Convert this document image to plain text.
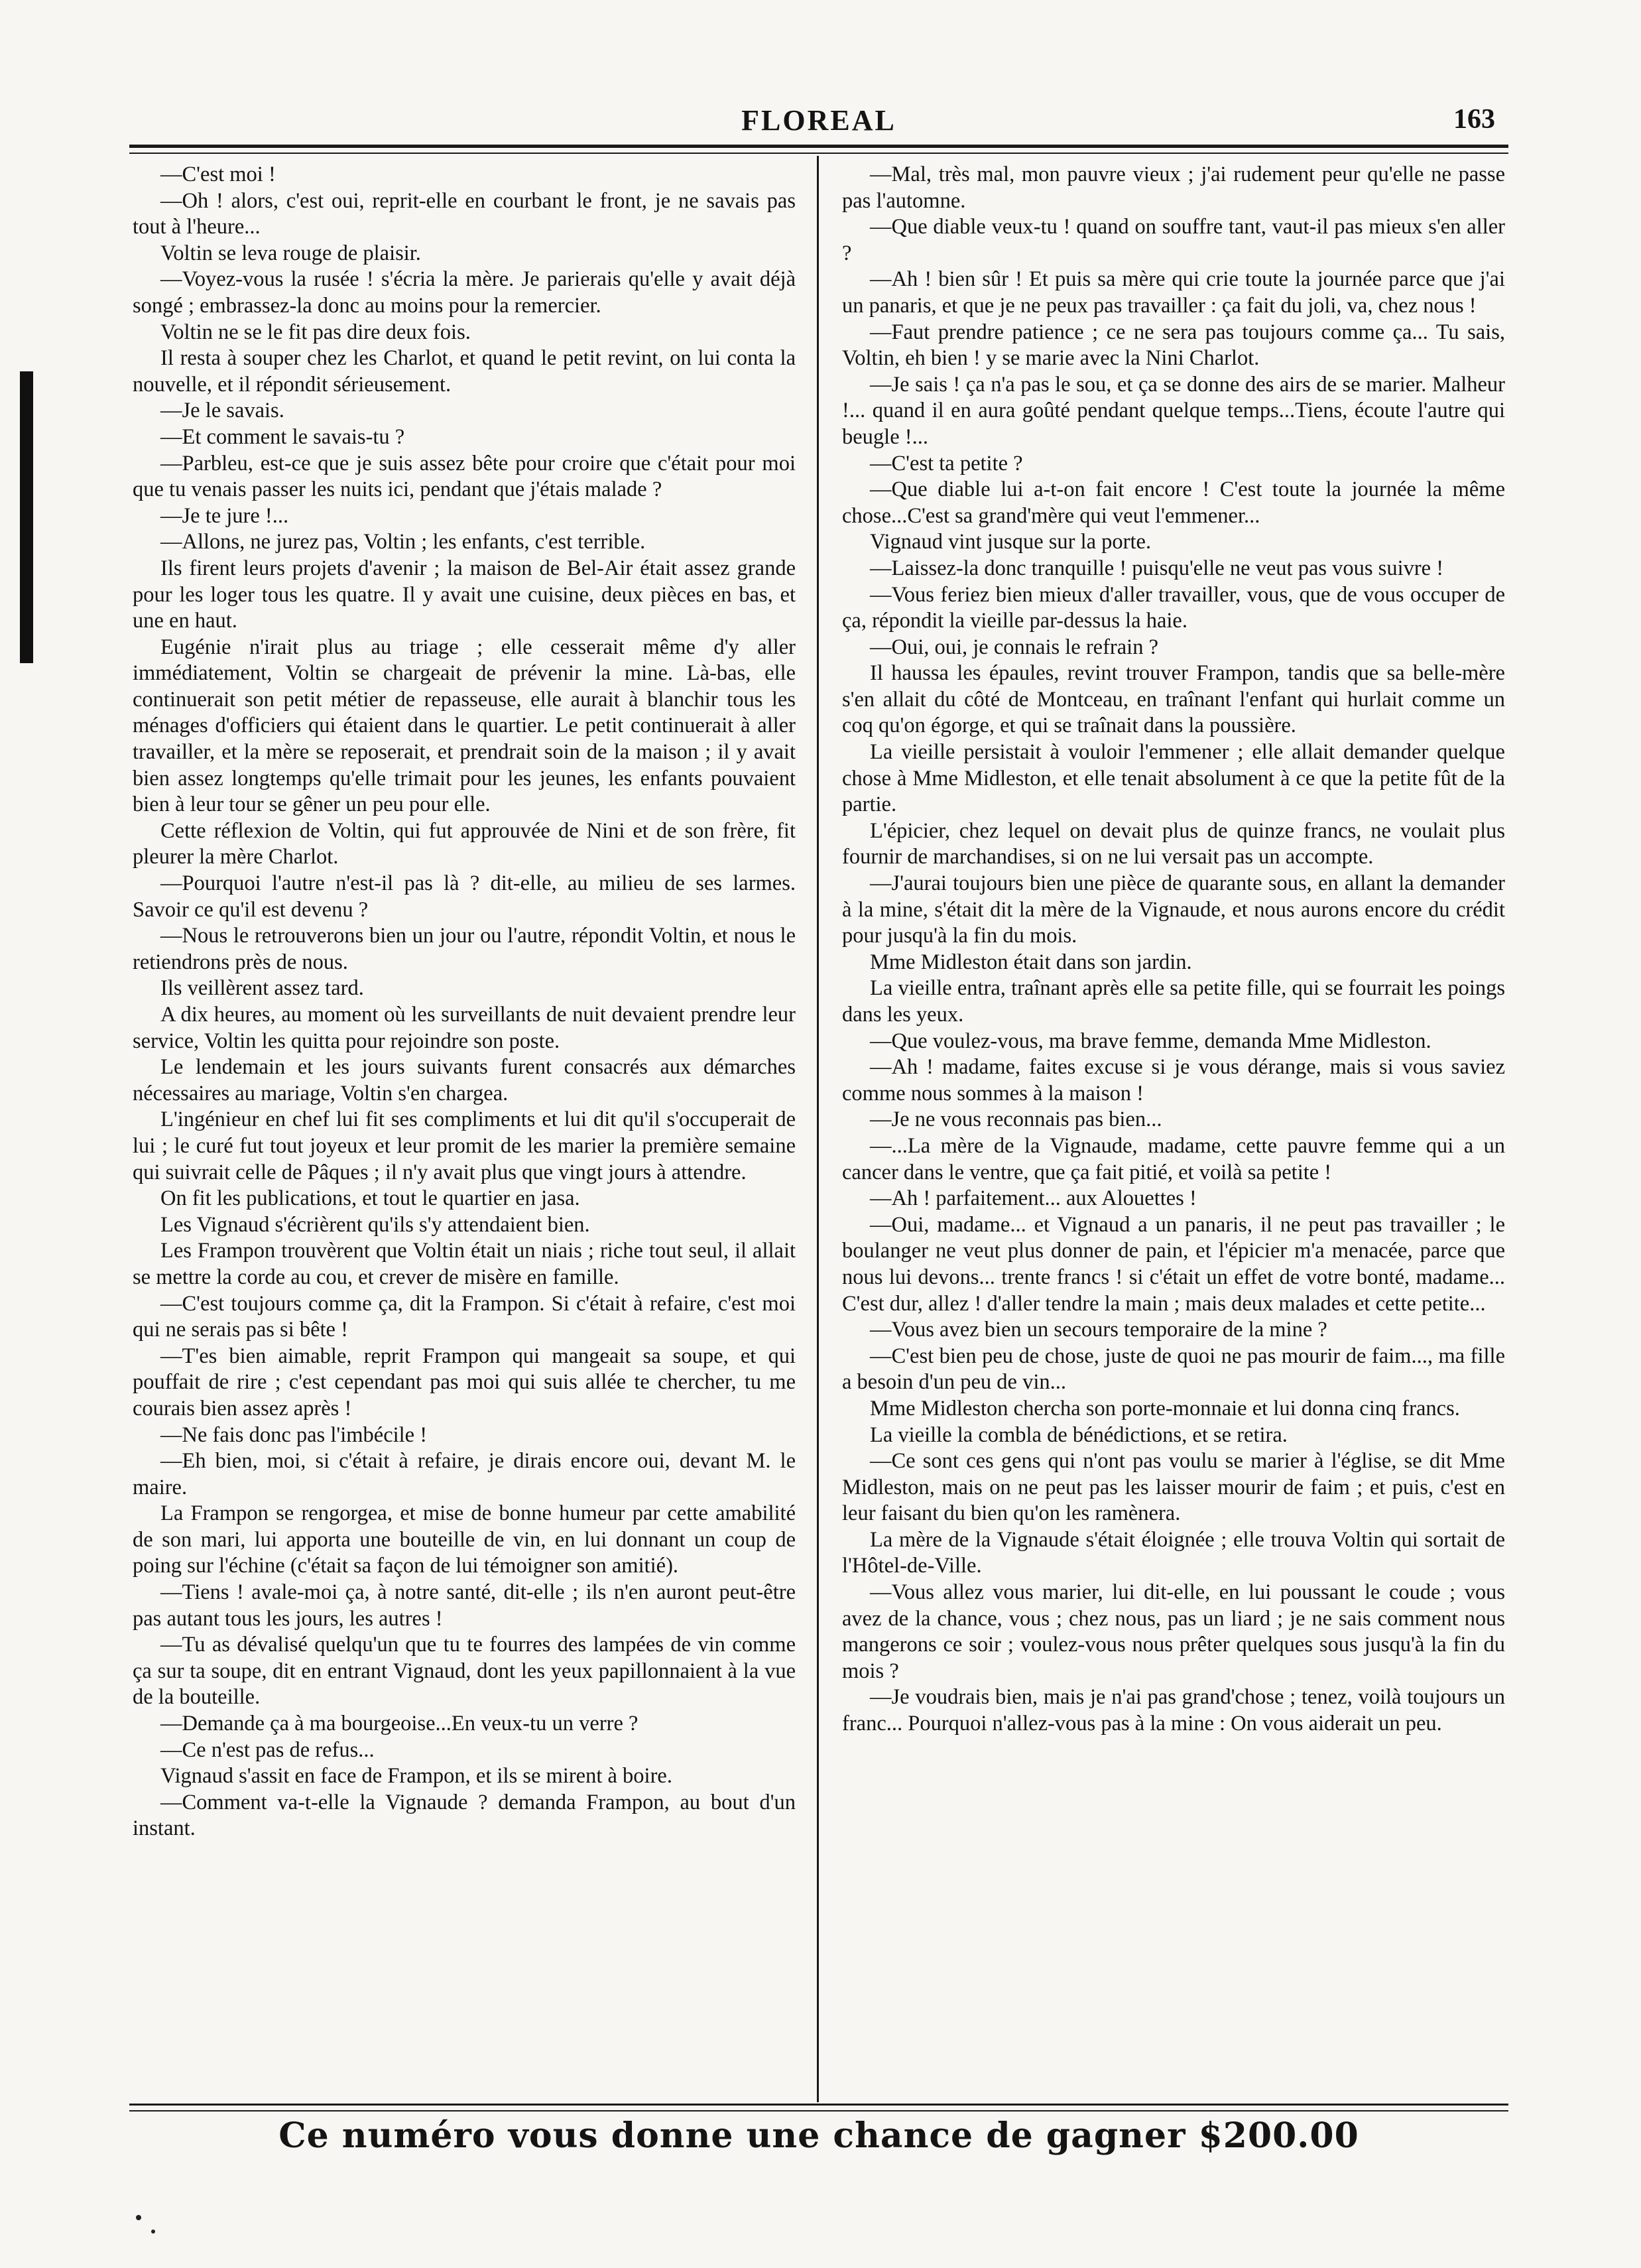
FLOREAL	163

—C'est moi !

—Oh ! alors, c'est oui, reprit-elle en courbant le front, je ne savais pas tout à l'heure...

Voltin se leva rouge de plaisir.

—Voyez-vous la rusée ! s'écria la mère. Je parierais qu'elle y avait déjà songé ; embrassez-la donc au moins pour la remercier.

Voltin ne se le fit pas dire deux fois.

Il resta à souper chez les Charlot, et quand le petit revint, on lui conta la nouvelle, et il répondit sérieusement.

—Je le savais.

—Et comment le savais-tu ?

—Parbleu, est-ce que je suis assez bête pour croire que c'était pour moi que tu venais passer les nuits ici, pendant que j'étais malade ?

—Je te jure !...

—Allons, ne jurez pas, Voltin ; les enfants, c'est terrible.

Ils firent leurs projets d'avenir ; la maison de Bel-Air était assez grande pour les loger tous les quatre. Il y avait une cuisine, deux pièces en bas, et une en haut.

Eugénie n'irait plus au triage ; elle cesserait même d'y aller immédiatement, Voltin se chargeait de prévenir la mine. Là-bas, elle continuerait son petit métier de repasseuse, elle aurait à blanchir tous les ménages d'officiers qui étaient dans le quartier. Le petit continuerait à aller travailler, et la mère se reposerait, et prendrait soin de la maison ; il y avait bien assez longtemps qu'elle trimait pour les jeunes, les enfants pouvaient bien à leur tour se gêner un peu pour elle.

Cette réflexion de Voltin, qui fut approuvée de Nini et de son frère, fit pleurer la mère Charlot.

—Pourquoi l'autre n'est-il pas là ? dit-elle, au milieu de ses larmes. Savoir ce qu'il est devenu ?

—Nous le retrouverons bien un jour ou l'autre, répondit Voltin, et nous le retiendrons près de nous.

Ils veillèrent assez tard.

A dix heures, au moment où les surveillants de nuit devaient prendre leur service, Voltin les quitta pour rejoindre son poste.

Le lendemain et les jours suivants furent consacrés aux démarches nécessaires au mariage, Voltin s'en chargea.

L'ingénieur en chef lui fit ses compliments et lui dit qu'il s'occuperait de lui ; le curé fut tout joyeux et leur promit de les marier la première semaine qui suivrait celle de Pâques ; il n'y avait plus que vingt jours à attendre.

On fit les publications, et tout le quartier en jasa.

Les Vignaud s'écrièrent qu'ils s'y attendaient bien.

Les Frampon trouvèrent que Voltin était un niais ; riche tout seul, il allait se mettre la corde au cou, et crever de misère en famille.

—C'est toujours comme ça, dit la Frampon. Si c'était à refaire, c'est moi qui ne serais pas si bête !

—T'es bien aimable, reprit Frampon qui mangeait sa soupe, et qui pouffait de rire ; c'est cependant pas moi qui suis allée te chercher, tu me courais bien assez après !

—Ne fais donc pas l'imbécile !

—Eh bien, moi, si c'était à refaire, je dirais encore oui, devant M. le maire.

La Frampon se rengorgea, et mise de bonne humeur par cette amabilité de son mari, lui apporta une bouteille de vin, en lui donnant un coup de poing sur l'échine (c'était sa façon de lui témoigner son amitié).

—Tiens ! avale-moi ça, à notre santé, dit-elle ; ils n'en auront peut-être pas autant tous les jours, les autres !

—Tu as dévalisé quelqu'un que tu te fourres des lampées de vin comme ça sur ta soupe, dit en entrant Vignaud, dont les yeux papillonnaient à la vue de la bouteille.

—Demande ça à ma bourgeoise...En veux-tu un verre ?

—Ce n'est pas de refus...

Vignaud s'assit en face de Frampon, et ils se mirent à boire.

—Comment va-t-elle la Vignaude ? demanda Frampon, au bout d'un instant.

—Mal, très mal, mon pauvre vieux ; j'ai rudement peur qu'elle ne passe pas l'automne.

—Que diable veux-tu ! quand on souffre tant, vaut-il pas mieux s'en aller ?

—Ah ! bien sûr ! Et puis sa mère qui crie toute la journée parce que j'ai un panaris, et que je ne peux pas travailler : ça fait du joli, va, chez nous !

—Faut prendre patience ; ce ne sera pas toujours comme ça... Tu sais, Voltin, eh bien ! y se marie avec la Nini Charlot.

—Je sais ! ça n'a pas le sou, et ça se donne des airs de se marier. Malheur !... quand il en aura goûté pendant quelque temps...Tiens, écoute l'autre qui beugle !...

—C'est ta petite ?

—Que diable lui a-t-on fait encore ! C'est toute la journée la même chose...C'est sa grand'mère qui veut l'emmener...

Vignaud vint jusque sur la porte.

—Laissez-la donc tranquille ! puisqu'elle ne veut pas vous suivre !

—Vous feriez bien mieux d'aller travailler, vous, que de vous occuper de ça, répondit la vieille par-dessus la haie.

—Oui, oui, je connais le refrain ?

Il haussa les épaules, revint trouver Frampon, tandis que sa belle-mère s'en allait du côté de Montceau, en traînant l'enfant qui hurlait comme un coq qu'on égorge, et qui se traînait dans la poussière.

La vieille persistait à vouloir l'emmener ; elle allait demander quelque chose à Mme Midleston, et elle tenait absolument à ce que la petite fût de la partie.

L'épicier, chez lequel on devait plus de quinze francs, ne voulait plus fournir de marchandises, si on ne lui versait pas un accompte.

—J'aurai toujours bien une pièce de quarante sous, en allant la demander à la mine, s'était dit la mère de la Vignaude, et nous aurons encore du crédit pour jusqu'à la fin du mois.

Mme Midleston était dans son jardin.

La vieille entra, traînant après elle sa petite fille, qui se fourrait les poings dans les yeux.

—Que voulez-vous, ma brave femme, demanda Mme Midleston.

—Ah ! madame, faites excuse si je vous dérange, mais si vous saviez comme nous sommes à la maison !

—Je ne vous reconnais pas bien...

—...La mère de la Vignaude, madame, cette pauvre femme qui a un cancer dans le ventre, que ça fait pitié, et voilà sa petite !

—Ah ! parfaitement... aux Alouettes !

—Oui, madame... et Vignaud a un panaris, il ne peut pas travailler ; le boulanger ne veut plus donner de pain, et l'épicier m'a menacée, parce que nous lui devons... trente francs ! si c'était un effet de votre bonté, madame... C'est dur, allez ! d'aller tendre la main ; mais deux malades et cette petite...

—Vous avez bien un secours temporaire de la mine ?

—C'est bien peu de chose, juste de quoi ne pas mourir de faim..., ma fille a besoin d'un peu de vin...

Mme Midleston chercha son porte-monnaie et lui donna cinq francs.

La vieille la combla de bénédictions, et se retira.

—Ce sont ces gens qui n'ont pas voulu se marier à l'église, se dit Mme Midleston, mais on ne peut pas les laisser mourir de faim ; et puis, c'est en leur faisant du bien qu'on les ramènera.

La mère de la Vignaude s'était éloignée ; elle trouva Voltin qui sortait de l'Hôtel-de-Ville.

—Vous allez vous marier, lui dit-elle, en lui poussant le coude ; vous avez de la chance, vous ; chez nous, pas un liard ; je ne sais comment nous mangerons ce soir ; voulez-vous nous prêter quelques sous jusqu'à la fin du mois ?

—Je voudrais bien, mais je n'ai pas grand'chose ; tenez, voilà toujours un franc... Pourquoi n'allez-vous pas à la mine : On vous aiderait un peu.

Ce numéro vous donne une chance de gagner $200.00
